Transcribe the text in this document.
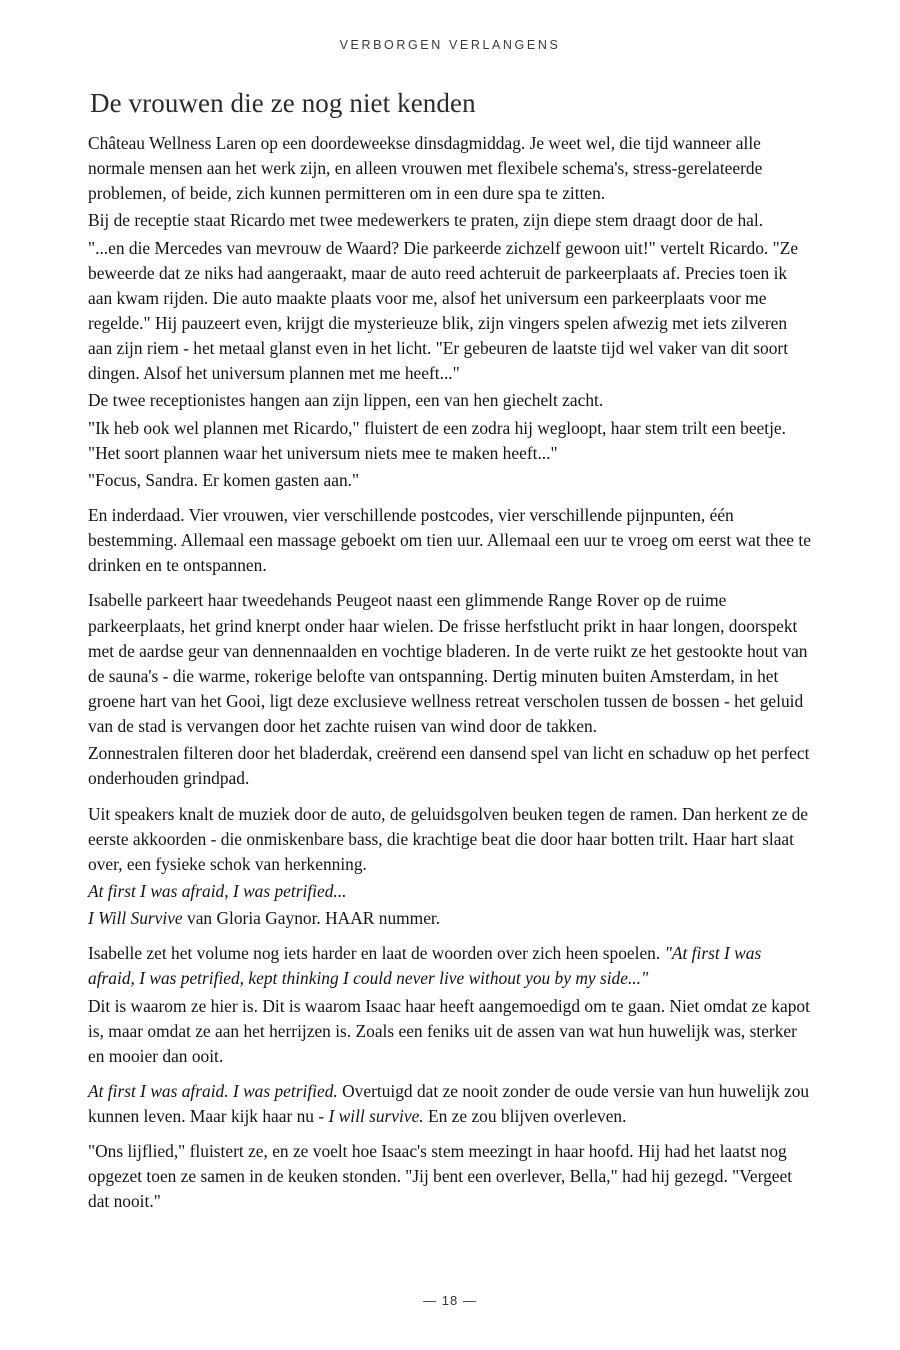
VERBORGEN VERLANGENS
De vrouwen die ze nog niet kenden

Château Wellness Laren op een doordeweekse dinsdagmiddag. Je weet wel, die tijd wanneer alle normale mensen aan het werk zijn, en alleen vrouwen met flexibele schema's, stress-gerelateerde problemen, of beide, zich kunnen permitteren om in een dure spa te zitten.

Bij de receptie staat Ricardo met twee medewerkers te praten, zijn diepe stem draagt door de hal.

"...en die Mercedes van mevrouw de Waard? Die parkeerde zichzelf gewoon uit!" vertelt Ricardo. "Ze beweerde dat ze niks had aangeraakt, maar de auto reed achteruit de parkeerplaats af. Precies toen ik aan kwam rijden. Die auto maakte plaats voor me, alsof het universum een parkeerplaats voor me regelde." Hij pauzeert even, krijgt die mysterieuze blik, zijn vingers spelen afwezig met iets zilveren aan zijn riem - het metaal glanst even in het licht. "Er gebeuren de laatste tijd wel vaker van dit soort dingen. Alsof het universum plannen met me heeft..."

De twee receptionistes hangen aan zijn lippen, een van hen giechelt zacht.

"Ik heb ook wel plannen met Ricardo," fluistert de een zodra hij wegloopt, haar stem trilt een beetje. "Het soort plannen waar het universum niets mee te maken heeft..."

"Focus, Sandra. Er komen gasten aan."

En inderdaad. Vier vrouwen, vier verschillende postcodes, vier verschillende pijnpunten, één bestemming. Allemaal een massage geboekt om tien uur. Allemaal een uur te vroeg om eerst wat thee te drinken en te ontspannen.

Isabelle parkeert haar tweedehands Peugeot naast een glimmende Range Rover op de ruime parkeerplaats, het grind knerpt onder haar wielen. De frisse herfstlucht prikt in haar longen, doorspekt met de aardse geur van dennennaalden en vochtige bladeren. In de verte ruikt ze het gestookte hout van de sauna's - die warme, rokerige belofte van ontspanning. Dertig minuten buiten Amsterdam, in het groene hart van het Gooi, ligt deze exclusieve wellness retreat verscholen tussen de bossen - het geluid van de stad is vervangen door het zachte ruisen van wind door de takken.

Zonnestralen filteren door het bladerdak, creërend een dansend spel van licht en schaduw op het perfect onderhouden grindpad.

Uit speakers knalt de muziek door de auto, de geluidsgolven beuken tegen de ramen. Dan herkent ze de eerste akkoorden - die onmiskenbare bass, die krachtige beat die door haar botten trilt. Haar hart slaat over, een fysieke schok van herkenning.

At first I was afraid, I was petrified...

I Will Survive van Gloria Gaynor. HAAR nummer.

Isabelle zet het volume nog iets harder en laat de woorden over zich heen spoelen. "At first I was afraid, I was petrified, kept thinking I could never live without you by my side..."

Dit is waarom ze hier is. Dit is waarom Isaac haar heeft aangemoedigd om te gaan. Niet omdat ze kapot is, maar omdat ze aan het herrijzen is. Zoals een feniks uit de assen van wat hun huwelijk was, sterker en mooier dan ooit.

At first I was afraid. I was petrified. Overtuigd dat ze nooit zonder de oude versie van hun huwelijk zou kunnen leven. Maar kijk haar nu - I will survive. En ze zou blijven overleven.

"Ons lijflied," fluistert ze, en ze voelt hoe Isaac's stem meezingt in haar hoofd. Hij had het laatst nog opgezet toen ze samen in de keuken stonden. "Jij bent een overlever, Bella," had hij gezegd. "Vergeet dat nooit."

— 18 —
